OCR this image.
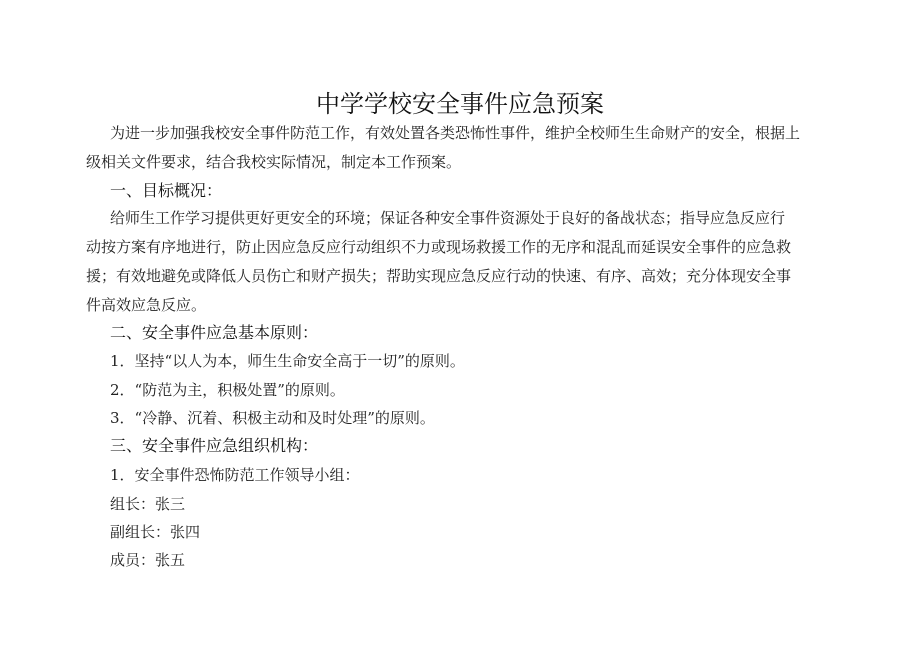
中学学校安全事件应急预案
为进一步加强我校安全事件防范工作，有效处置各类恐怖性事件，维护全校师生生命财产的安全，根据上
级相关文件要求，结合我校实际情况，制定本工作预案。
一、目标概况：
给师生工作学习提供更好更安全的环境；保证各种安全事件资源处于良好的备战状态；指导应急反应行
动按方案有序地进行，防止因应急反应行动组织不力或现场救援工作的无序和混乱而延误安全事件的应急救
援；有效地避免或降低人员伤亡和财产损失；帮助实现应急反应行动的快速、有序、高效；充分体现安全事
件高效应急反应。
二、安全事件应急基本原则：

1．坚持“以人为本，师生生命安全高于一切”的原则。

2．“防范为主，积极处置”的原则。

3．“冷静、沉着、积极主动和及时处理”的原则。

三、安全事件应急组织机构：

1．安全事件恐怖防范工作领导小组：

组长：张三

副组长：张四

成员：张五
